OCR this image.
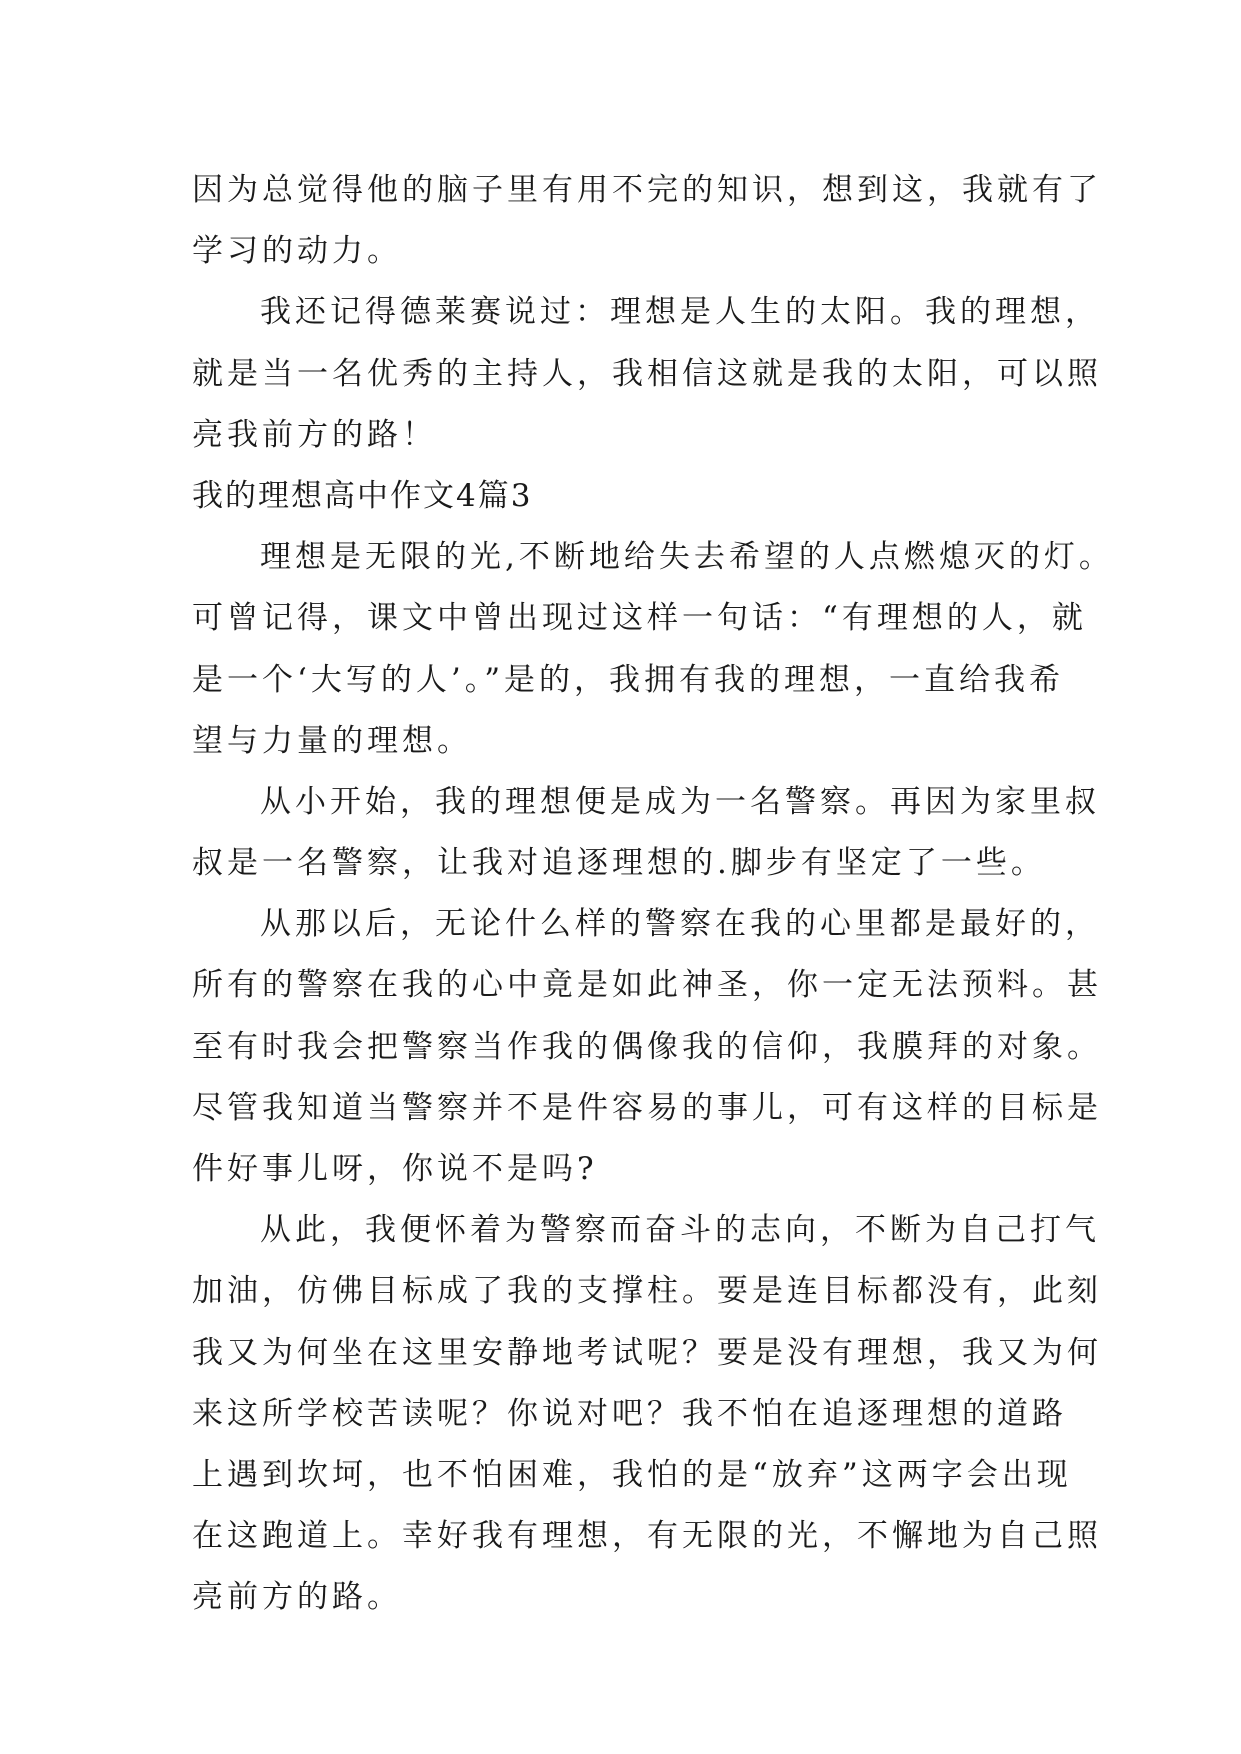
因为总觉得他的脑子里有用不完的知识，想到这，我就有了
学习的动力。
我还记得德莱赛说过：理想是人生的太阳。我的理想，
就是当一名优秀的主持人，我相信这就是我的太阳，可以照
亮我前方的路！
我的理想高中作文4篇3
理想是无限的光,不断地给失去希望的人点燃熄灭的灯。
可曾记得，课文中曾出现过这样一句话：“有理想的人，就
是一个‘大写的人’。”是的，我拥有我的理想，一直给我希
望与力量的理想。
从小开始，我的理想便是成为一名警察。再因为家里叔
叔是一名警察，让我对追逐理想的.脚步有坚定了一些。
从那以后，无论什么样的警察在我的心里都是最好的，
所有的警察在我的心中竟是如此神圣，你一定无法预料。甚
至有时我会把警察当作我的偶像我的信仰，我膜拜的对象。
尽管我知道当警察并不是件容易的事儿，可有这样的目标是
件好事儿呀，你说不是吗?
从此，我便怀着为警察而奋斗的志向，不断为自己打气
加油，仿佛目标成了我的支撑柱。要是连目标都没有，此刻
我又为何坐在这里安静地考试呢？要是没有理想，我又为何
来这所学校苦读呢？你说对吧？我不怕在追逐理想的道路
上遇到坎坷，也不怕困难，我怕的是“放弃”这两字会出现
在这跑道上。幸好我有理想，有无限的光，不懈地为自己照
亮前方的路。
